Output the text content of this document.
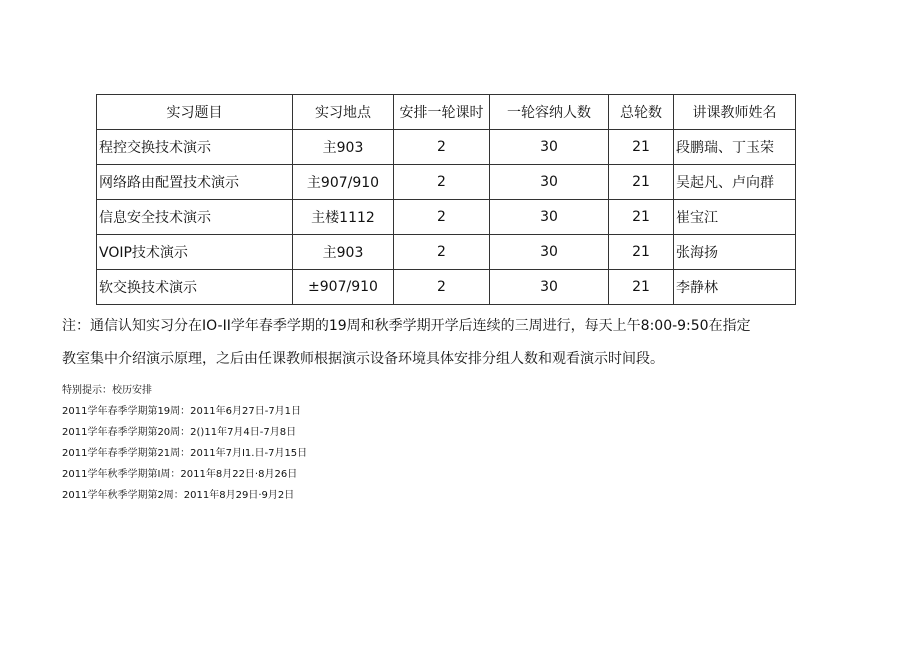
实习题目	实习地点	安排一轮课时	一轮容纳人数	总轮数	讲课教师姓名
程控交换技术演示	主903	2	30	21	段鹏瑞、丁玉荣
网络路由配置技术演示	主907/910	2	30	21	吴起凡、卢向群
信息安全技术演示	主楼1112	2	30	21	崔宝江
VOIP技术演示	主903	2	30	21	张海扬
软交换技术演示	±907/910	2	30	21	李静林

注：通信认知实习分在IO-II学年春季学期的19周和秋季学期开学后连续的三周进行，每天上午8:00-9:50在指定

教室集中介绍演示原理，之后由任课教师根据演示设备环境具体安排分组人数和观看演示时间段。

特别提示：校历安排
2011学年春季学期第19周：2011年6月27日-7月1日
2011学年春季学期第20周：2()11年7月4日-7月8日
2011学年春季学期第21周：2011年7月I1.日-7月15日
2011学年秋季学期第I周：2011年8月22日·8月26日
2011学年秋季学期第2周：2011年8月29日·9月2日
